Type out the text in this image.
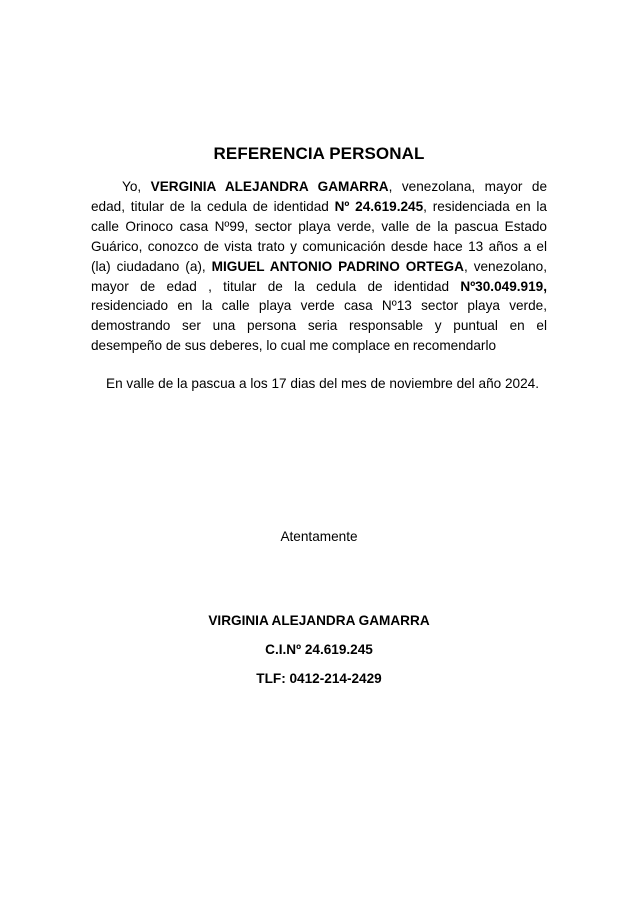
REFERENCIA PERSONAL
Yo, VERGINIA ALEJANDRA GAMARRA, venezolana, mayor de edad, titular de la cedula de identidad Nº 24.619.245, residenciada en la calle Orinoco casa Nº99, sector playa verde, valle de la pascua Estado Guárico, conozco de vista trato y comunicación desde hace 13 años a el (la) ciudadano (a), MIGUEL ANTONIO PADRINO ORTEGA, venezolano, mayor de edad , titular de la cedula de identidad Nº30.049.919, residenciado en la calle playa verde casa Nº13 sector playa verde, demostrando ser una persona seria responsable y puntual en el desempeño de sus deberes, lo cual me complace en recomendarlo
En valle de la pascua a los 17 dias del mes de noviembre del año 2024.
Atentamente
VIRGINIA ALEJANDRA GAMARRA
C.I.Nº 24.619.245
TLF: 0412-214-2429
